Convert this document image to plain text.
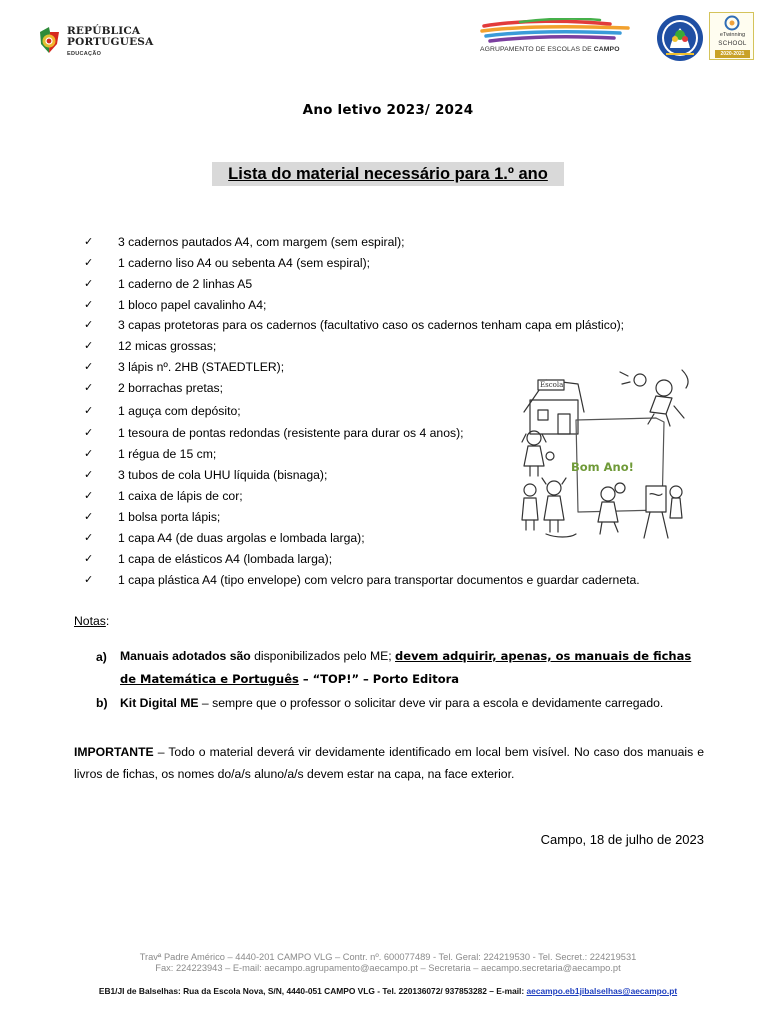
REPÚBLICA
PORTUGUESA
EDUCAÇÃO
AGRUPAMENTO DE ESCOLAS DE CAMPO
eTwinning
SCHOOL
2020-2021
Ano letivo 2023/ 2024
Lista do material necessário para 1.º ano
✓ 3 cadernos pautados A4, com margem (sem espiral);
✓ 1 caderno liso A4 ou sebenta A4 (sem espiral);
✓ 1 caderno de 2 linhas A5
✓ 1 bloco papel cavalinho A4;
✓ 3 capas protetoras para os cadernos (facultativo caso os cadernos tenham capa em plástico);
✓ 12 micas grossas;
✓ 3 lápis nº. 2HB (STAEDTLER);
✓ 2 borrachas pretas;
✓ 1 aguça com depósito;
✓ 1 tesoura de pontas redondas (resistente para durar os 4 anos);
✓ 1 régua de 15 cm;
✓ 3 tubos de cola UHU líquida (bisnaga);
✓ 1 caixa de lápis de cor;
✓ 1 bolsa porta lápis;
✓ 1 capa A4 (de duas argolas e lombada larga);
✓ 1 capa de elásticos A4 (lombada larga);
✓ 1 capa plástica A4 (tipo envelope) com velcro para transportar documentos e guardar caderneta.
Bom Ano!
Escola
Notas:
a) Manuais adotados são disponibilizados pelo ME; devem adquirir, apenas, os manuais de fichas
de Matemática e Português – “TOP!” – Porto Editora
b) Kit Digital ME – sempre que o professor o solicitar deve vir para a escola e devidamente carregado.
IMPORTANTE – Todo o material deverá vir devidamente identificado em local bem visível. No caso dos manuais e livros de fichas, os nomes do/a/s aluno/a/s devem estar na capa, na face exterior.
Campo, 18 de julho de 2023
Travª Padre Américo – 4440-201 CAMPO VLG – Contr. nº. 600077489 - Tel. Geral: 224219530 - Tel. Secret.: 224219531
Fax: 224223943 – E-mail: aecampo.agrupamento@aecampo.pt – Secretaria – aecampo.secretaria@aecampo.pt
EB1/JI de Balselhas: Rua da Escola Nova, S/N, 4440-051 CAMPO VLG - Tel. 220136072/ 937853282 – E-mail: aecampo.eb1jibalselhas@aecampo.pt
